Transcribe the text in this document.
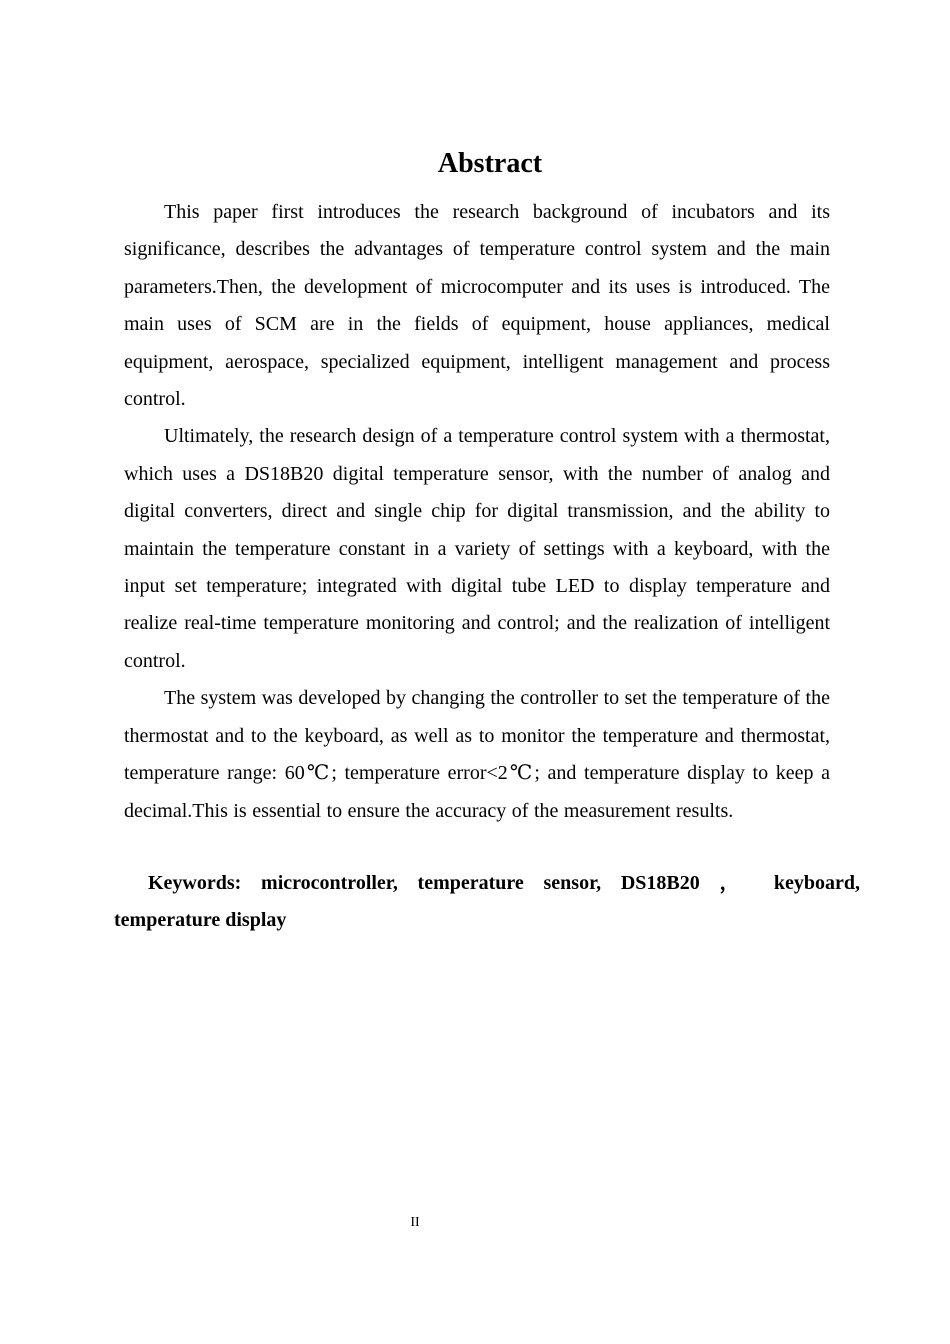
Abstract

This paper first introduces the research background of incubators and its significance, describes the advantages of temperature control system and the main parameters.Then, the development of microcomputer and its uses is introduced. The main uses of SCM are in the fields of equipment, house appliances, medical equipment, aerospace, specialized equipment, intelligent management and process control.

Ultimately, the research design of a temperature control system with a thermostat, which uses a DS18B20 digital temperature sensor, with the number of analog and digital converters, direct and single chip for digital transmission, and the ability to maintain the temperature constant in a variety of settings with a keyboard, with the input set temperature; integrated with digital tube LED to display temperature and realize real-time temperature monitoring and control; and the realization of intelligent control.

The system was developed by changing the controller to set the temperature of the thermostat and to the keyboard, as well as to monitor the temperature and thermostat, temperature range: 60℃; temperature error<2℃; and temperature display to keep a decimal.This is essential to ensure the accuracy of the measurement results.

Keywords: microcontroller, temperature sensor, DS18B20 ， keyboard, temperature display

II
